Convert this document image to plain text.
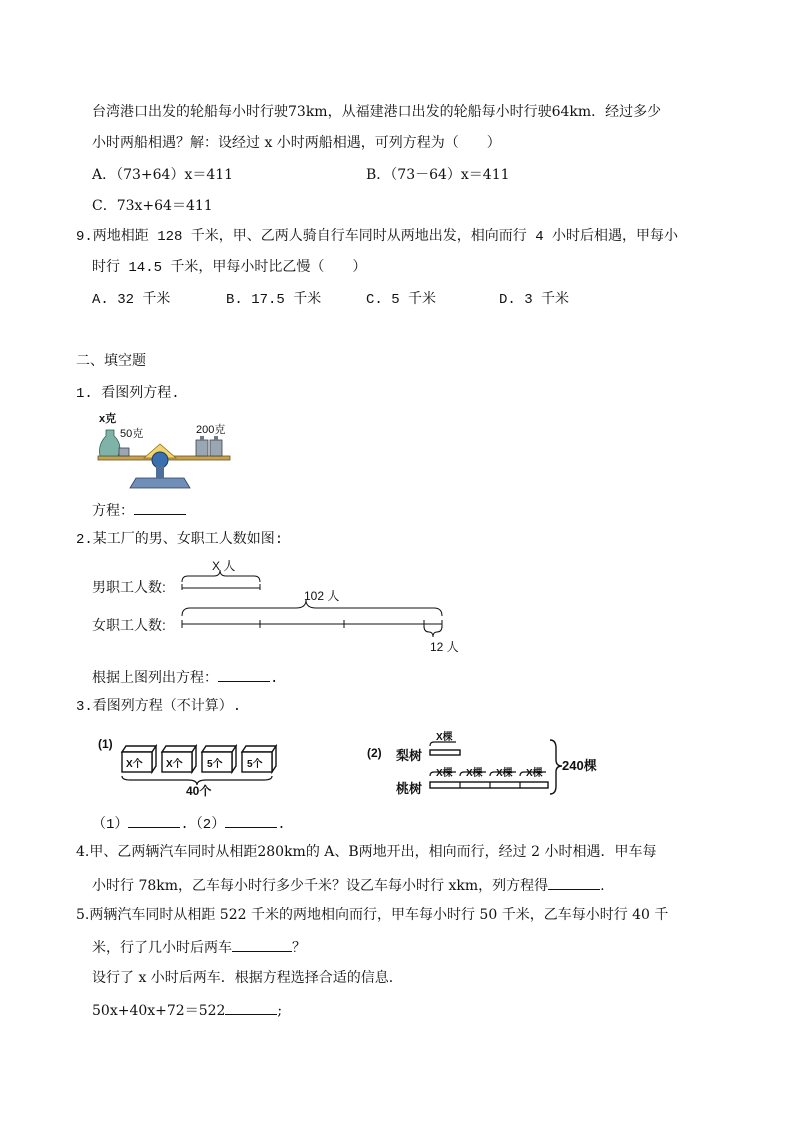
台湾港口出发的轮船每小时行驶73km，从福建港口出发的轮船每小时行驶64km．经过多少
小时两船相遇？解：设经过 x 小时两船相遇，可列方程为（　　）
A．（73+64）x＝411	B．（73－64）x＝411
C．73x+64＝411
9.两地相距 128 千米，甲、乙两人骑自行车同时从两地出发，相向而行 4 小时后相遇，甲每小
时行 14.5 千米，甲每小时比乙慢（　　）
A. 32 千米	B. 17.5 千米	C. 5 千米	D. 3 千米
二、填空题
1. 看图列方程.
x克
50克	200克
方程：
2.某工厂的男、女职工人数如图:
男职工人数:
女职工人数:
X 人
102 人
12 人
根据上图列出方程：	.
3.看图列方程（不计算）.
(1)
X个 X个 5个 5个
40个
(2) 梨树
桃树
X棵
X棵 X棵 X棵 X棵
240棵
（1）	.（2）	.
4.甲、乙两辆汽车同时从相距280km的 A、B两地开出，相向而行，经过 2 小时相遇．甲车每
小时行 78km，乙车每小时行多少千米？设乙车每小时行 xkm，列方程得	.
5.两辆汽车同时从相距 522 千米的两地相向而行，甲车每小时行 50 千米，乙车每小时行 40 千
米，行了几小时后两车	？
设行了 x 小时后两车．根据方程选择合适的信息．
50x+40x+72＝522	;
